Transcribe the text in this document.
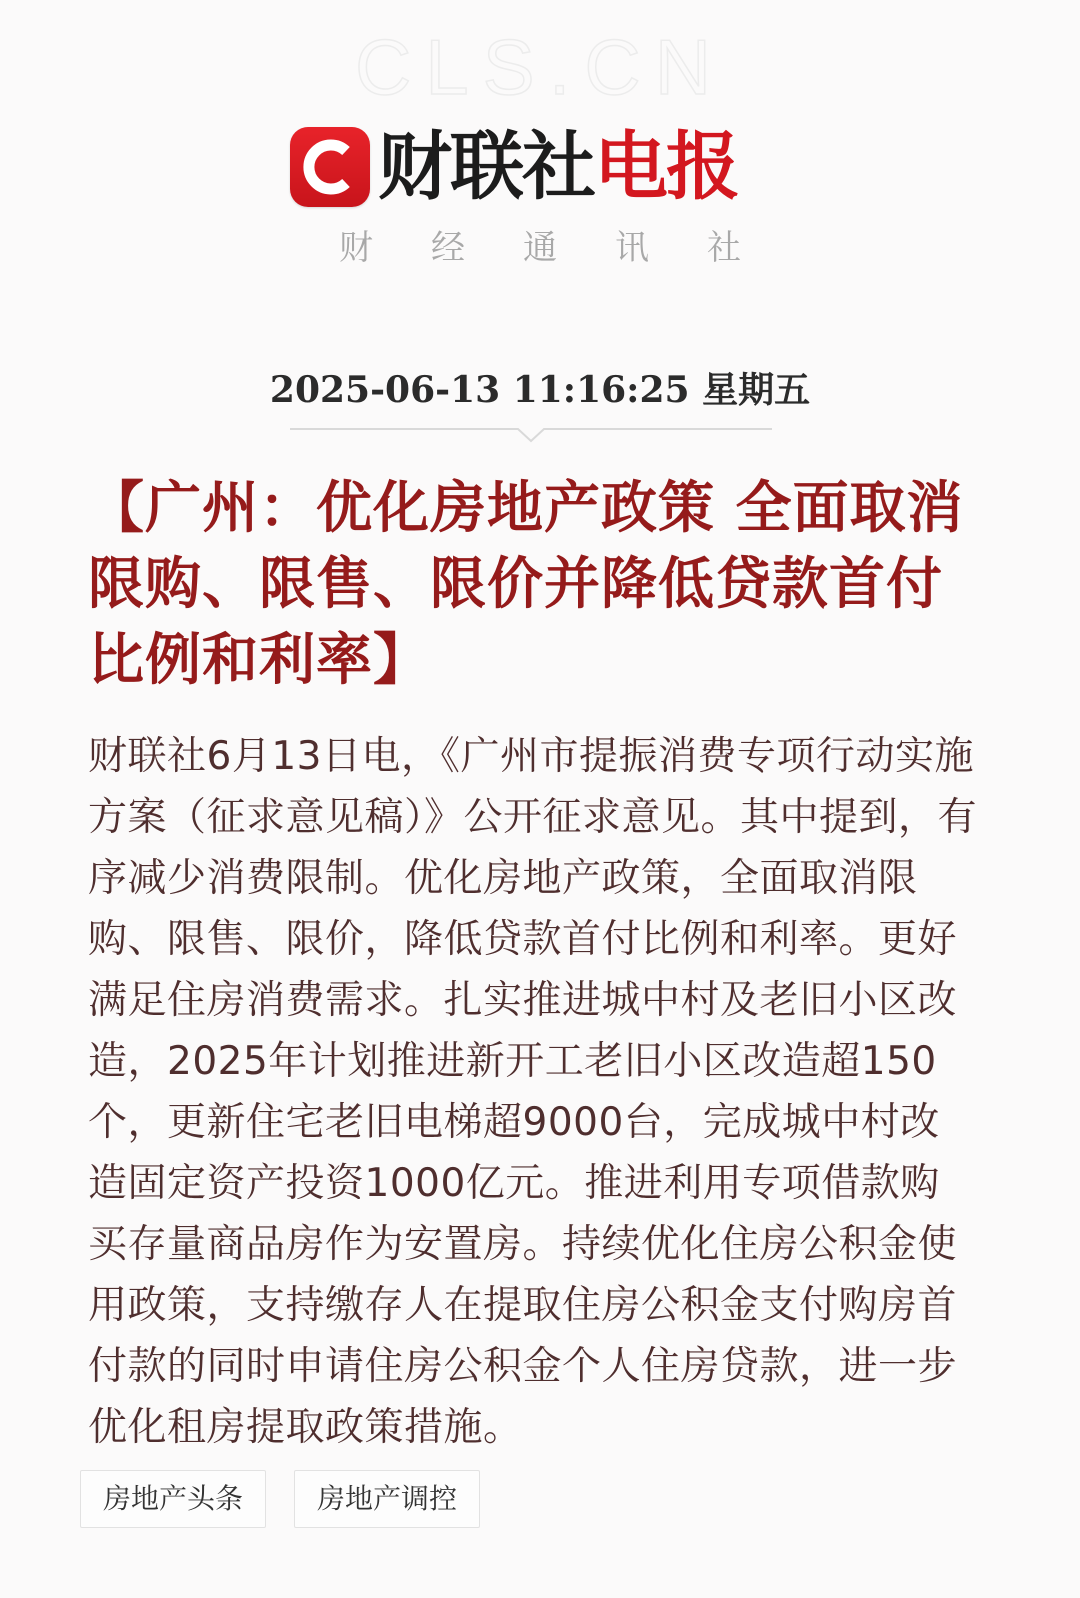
CLS.CN
财联社电报
财 经 通 讯 社
2025-06-13 11:16:25 星期五
【广州：优化房地产政策 全面取消限购、限售、限价并降低贷款首付比例和利率】
财联社6月13日电，《广州市提振消费专项行动实施方案（征求意见稿）》公开征求意见。其中提到，有序减少消费限制。优化房地产政策，全面取消限购、限售、限价，降低贷款首付比例和利率。更好满足住房消费需求。扎实推进城中村及老旧小区改造，2025年计划推进新开工老旧小区改造超150个，更新住宅老旧电梯超9000台，完成城中村改造固定资产投资1000亿元。推进利用专项借款购买存量商品房作为安置房。持续优化住房公积金使用政策，支持缴存人在提取住房公积金支付购房首付款的同时申请住房公积金个人住房贷款，进一步优化租房提取政策措施。
房地产头条	房地产调控
